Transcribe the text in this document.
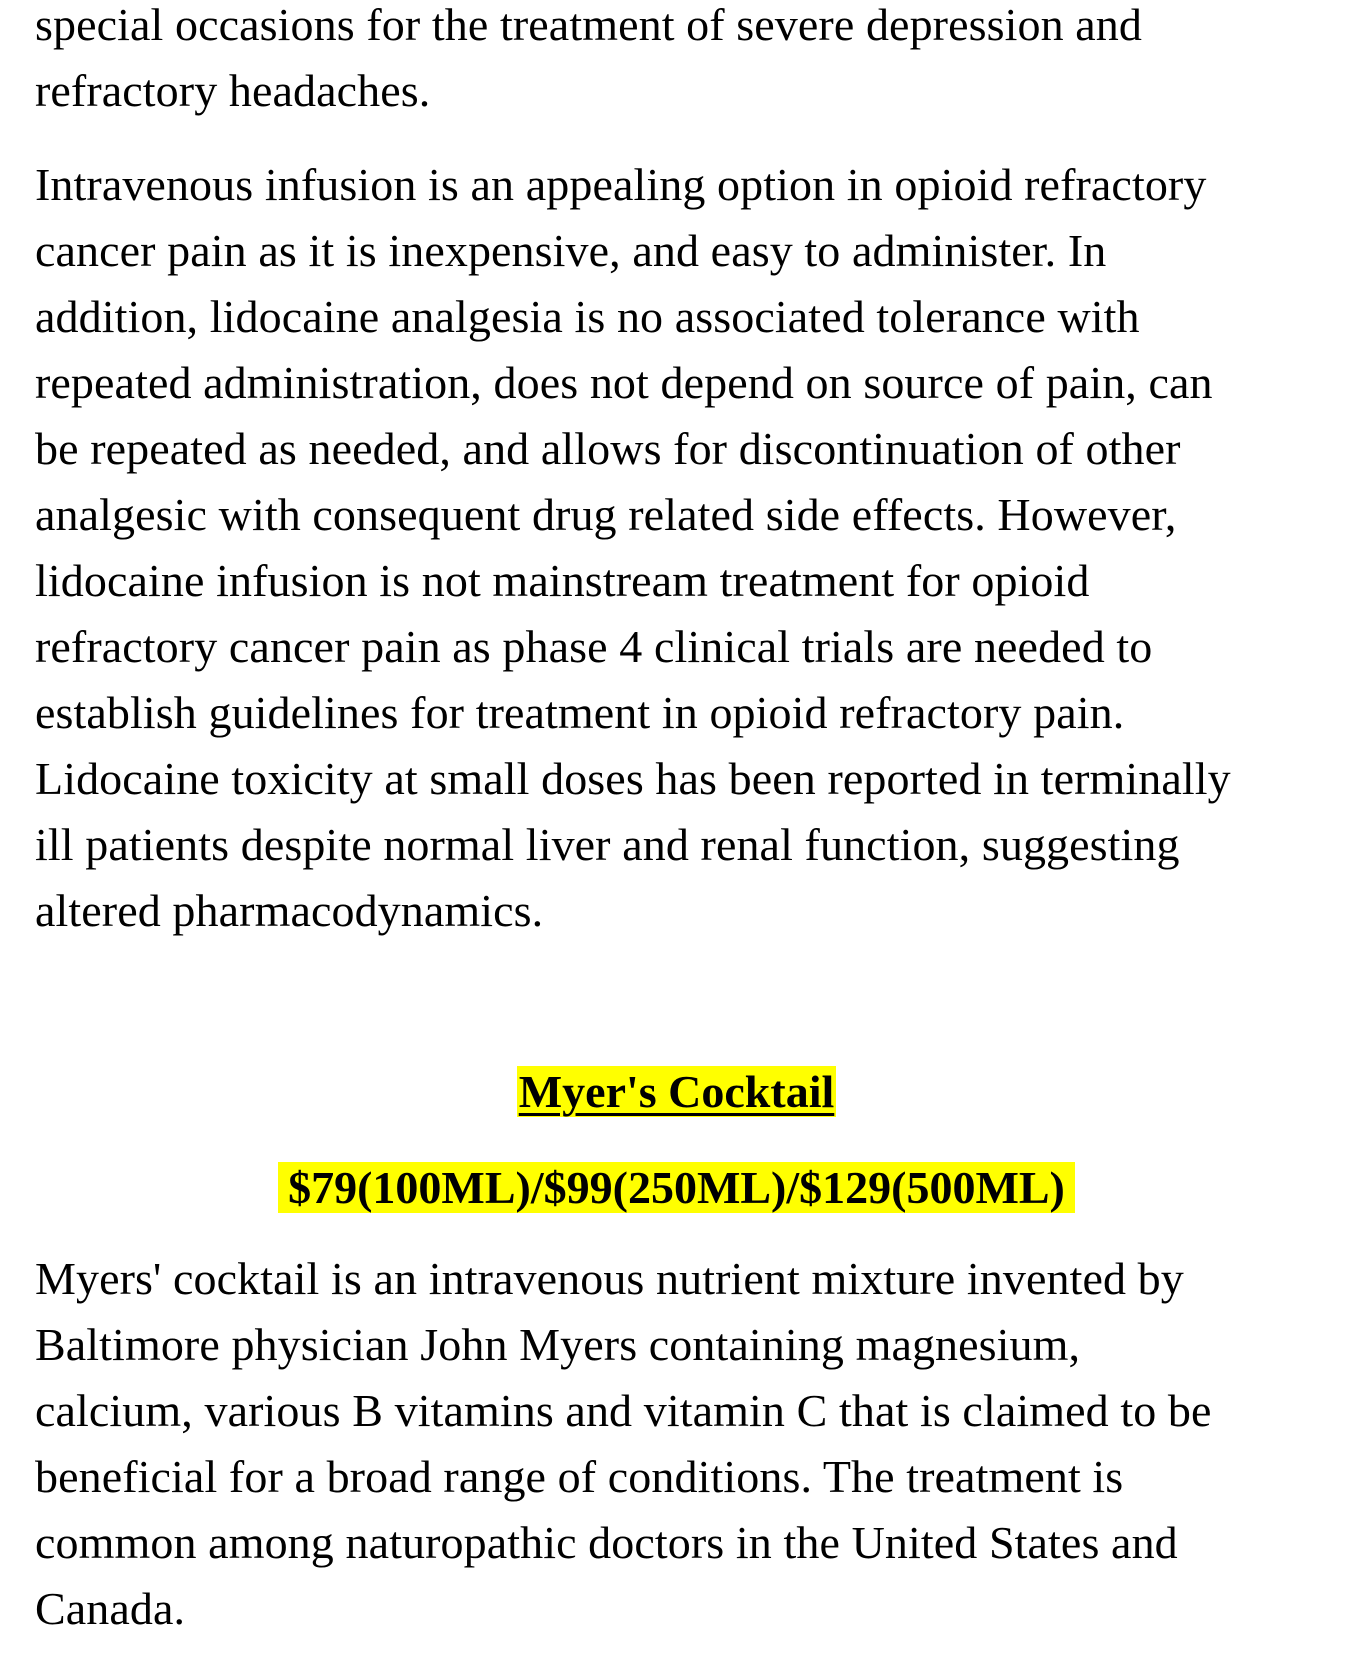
special occasions for the treatment of severe depression and
refractory headaches.

Intravenous infusion is an appealing option in opioid refractory
cancer pain as it is inexpensive, and easy to administer. In
addition, lidocaine analgesia is no associated tolerance with
repeated administration, does not depend on source of pain, can
be repeated as needed, and allows for discontinuation of other
analgesic with consequent drug related side effects. However,
lidocaine infusion is not mainstream treatment for opioid
refractory cancer pain as phase 4 clinical trials are needed to
establish guidelines for treatment in opioid refractory pain.
Lidocaine toxicity at small doses has been reported in terminally
ill patients despite normal liver and renal function, suggesting
altered pharmacodynamics.

Myer's Cocktail
$79(100ML)/$99(250ML)/$129(500ML)

Myers' cocktail is an intravenous nutrient mixture invented by
Baltimore physician John Myers containing magnesium,
calcium, various B vitamins and vitamin C that is claimed to be
beneficial for a broad range of conditions. The treatment is
common among naturopathic doctors in the United States and
Canada.
